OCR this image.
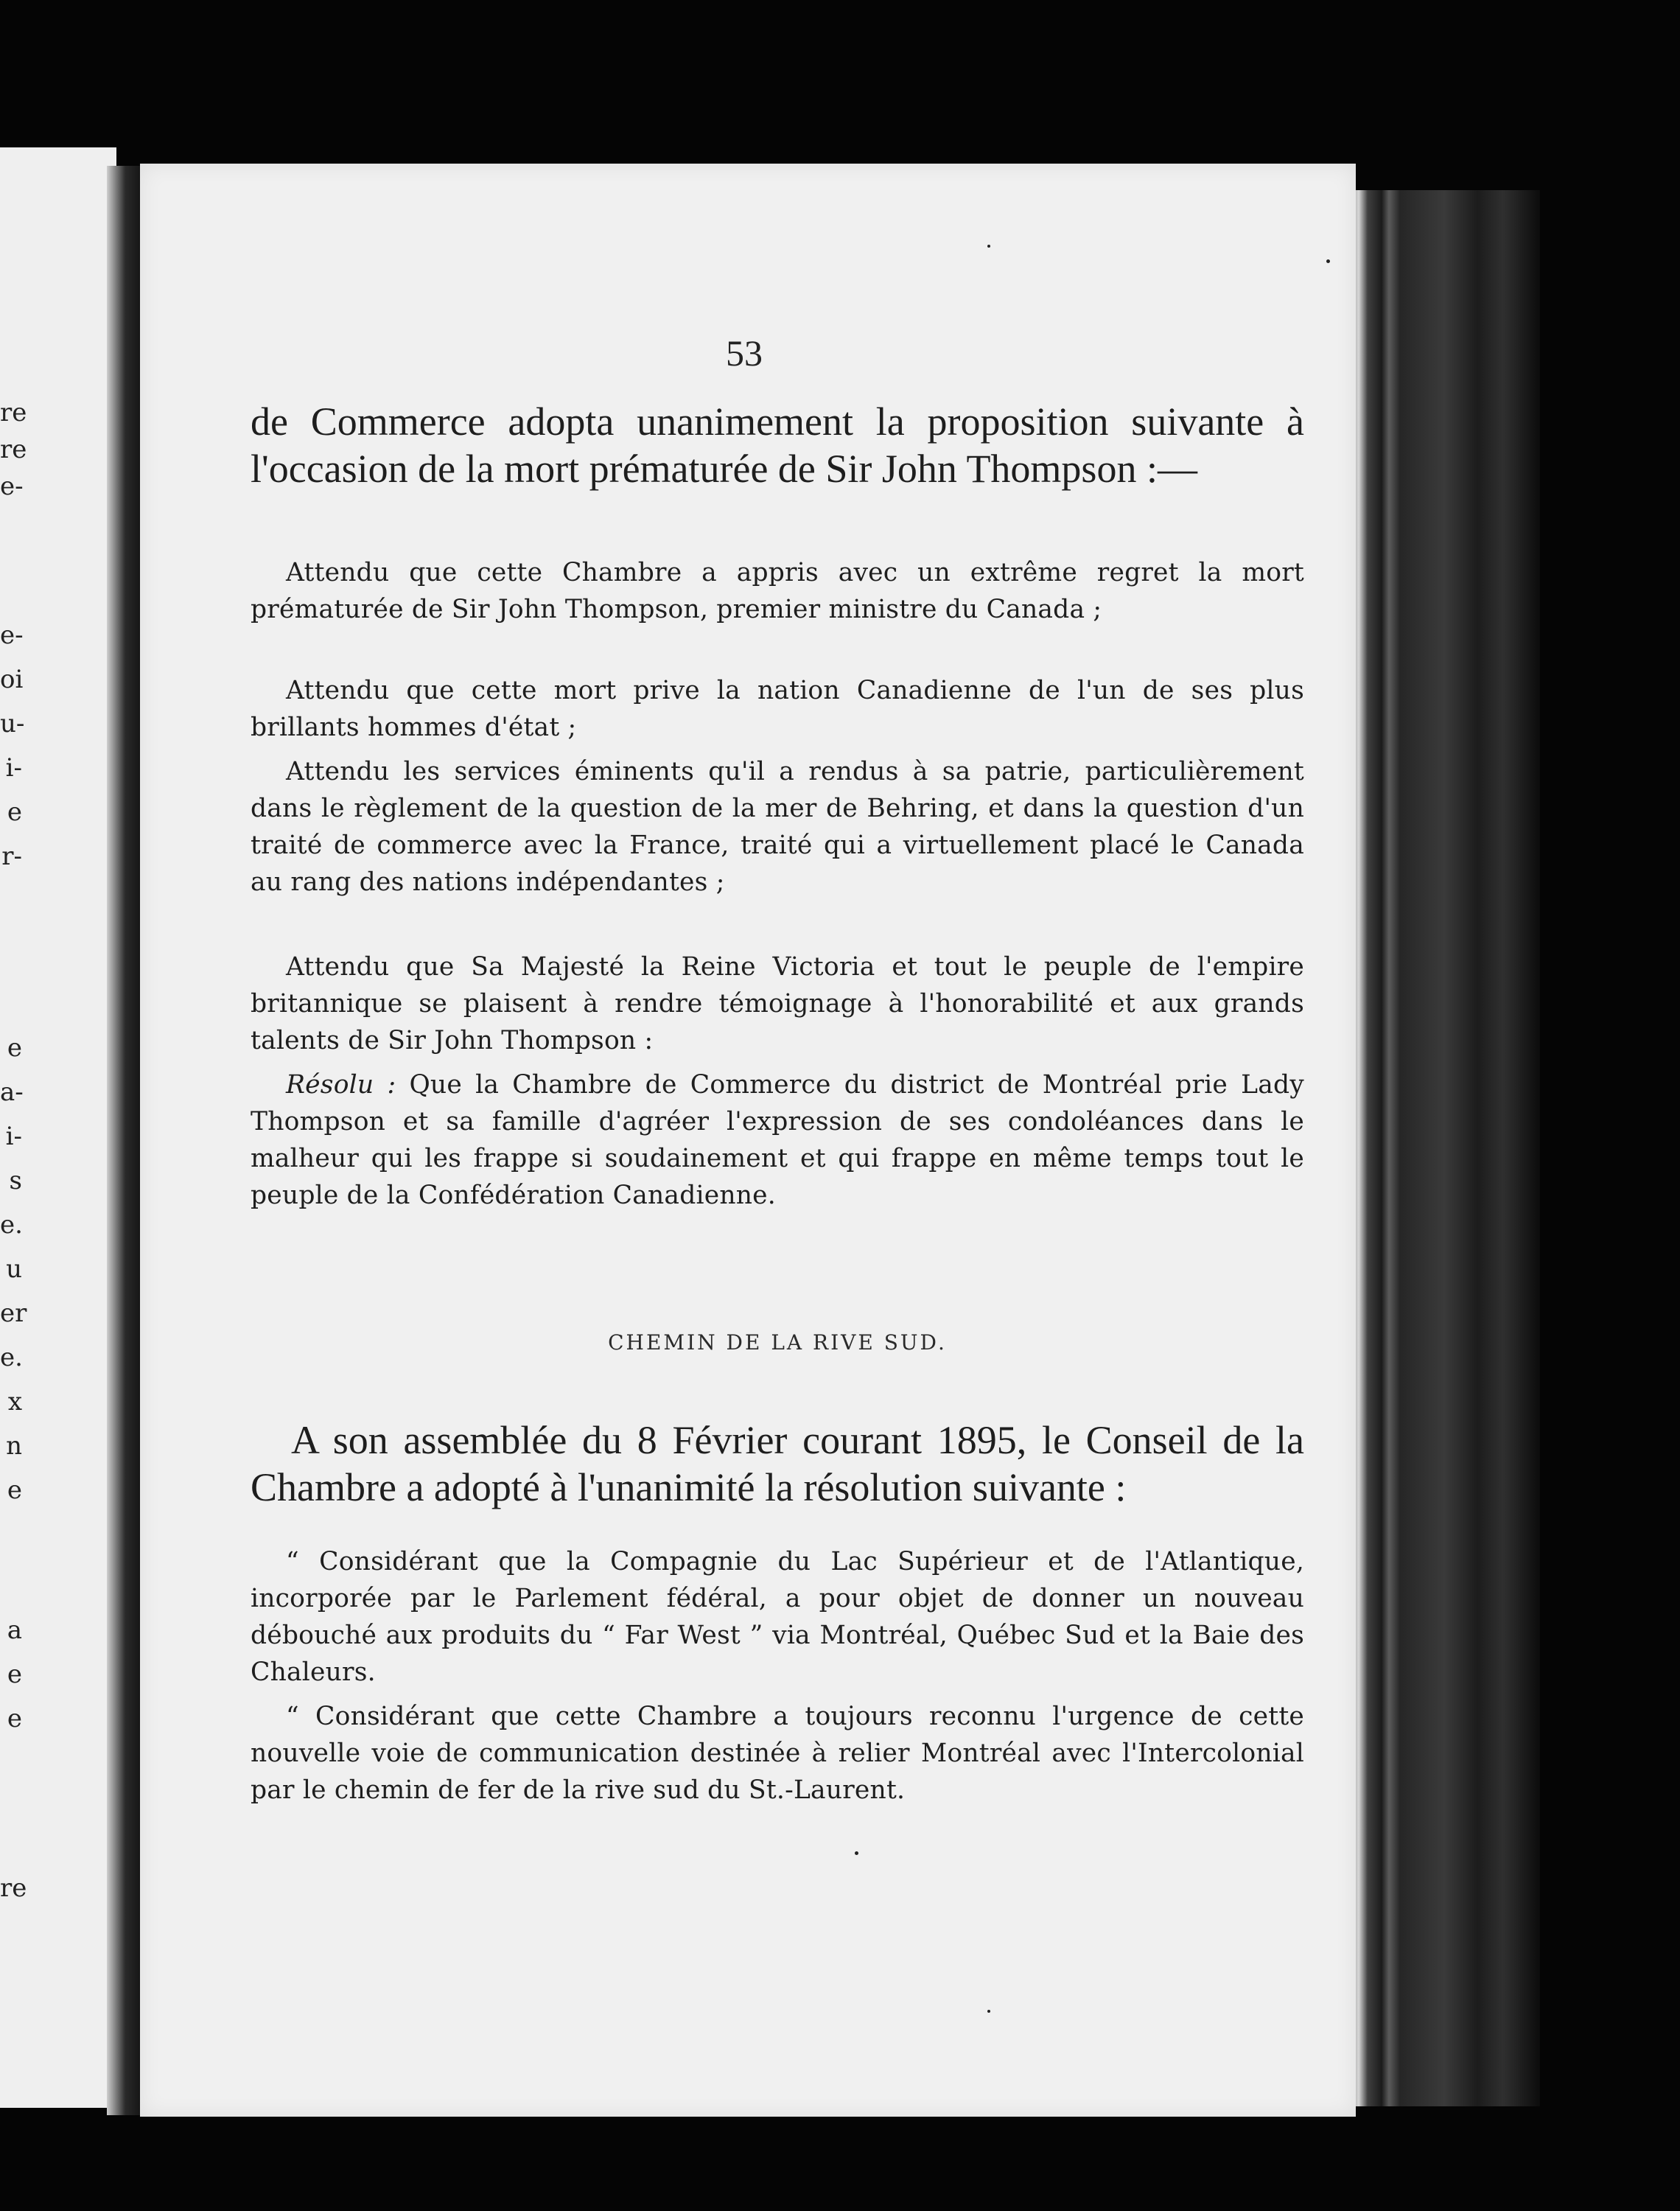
re
re
e-
e-
oi
u-
i-
e
r-
e
a-
i-
s
e.
u
er
e.
x
n
e
a
e
e
re
53
de Commerce adopta unanimement la proposition suivante à l'occasion de la mort prématurée de Sir John Thompson :—
Attendu que cette Chambre a appris avec un extrême regret la mort prématurée de Sir John Thompson, premier ministre du Canada ;
Attendu que cette mort prive la nation Canadienne de l'un de ses plus brillants hommes d'état ;
Attendu les services éminents qu'il a rendus à sa patrie, particulièrement dans le règlement de la question de la mer de Behring, et dans la question d'un traité de commerce avec la France, traité qui a virtuellement placé le Canada au rang des nations indépendantes ;
Attendu que Sa Majesté la Reine Victoria et tout le peuple de l'empire britannique se plaisent à rendre témoignage à l'honorabilité et aux grands talents de Sir John Thompson :
Résolu : Que la Chambre de Commerce du district de Montréal prie Lady Thompson et sa famille d'agréer l'expression de ses condoléances dans le malheur qui les frappe si soudainement et qui frappe en même temps tout le peuple de la Confédération Canadienne.
CHEMIN DE LA RIVE SUD.
A son assemblée du 8 Février courant 1895, le Conseil de la Chambre a adopté à l'unanimité la résolution suivante :
“ Considérant que la Compagnie du Lac Supérieur et de l'Atlantique, incorporée par le Parlement fédéral, a pour objet de donner un nouveau débouché aux produits du “ Far West ” via Montréal, Québec Sud et la Baie des Chaleurs.
“ Considérant que cette Chambre a toujours reconnu l'urgence de cette nouvelle voie de communication destinée à relier Montréal avec l'Intercolonial par le chemin de fer de la rive sud du St.-Laurent.
